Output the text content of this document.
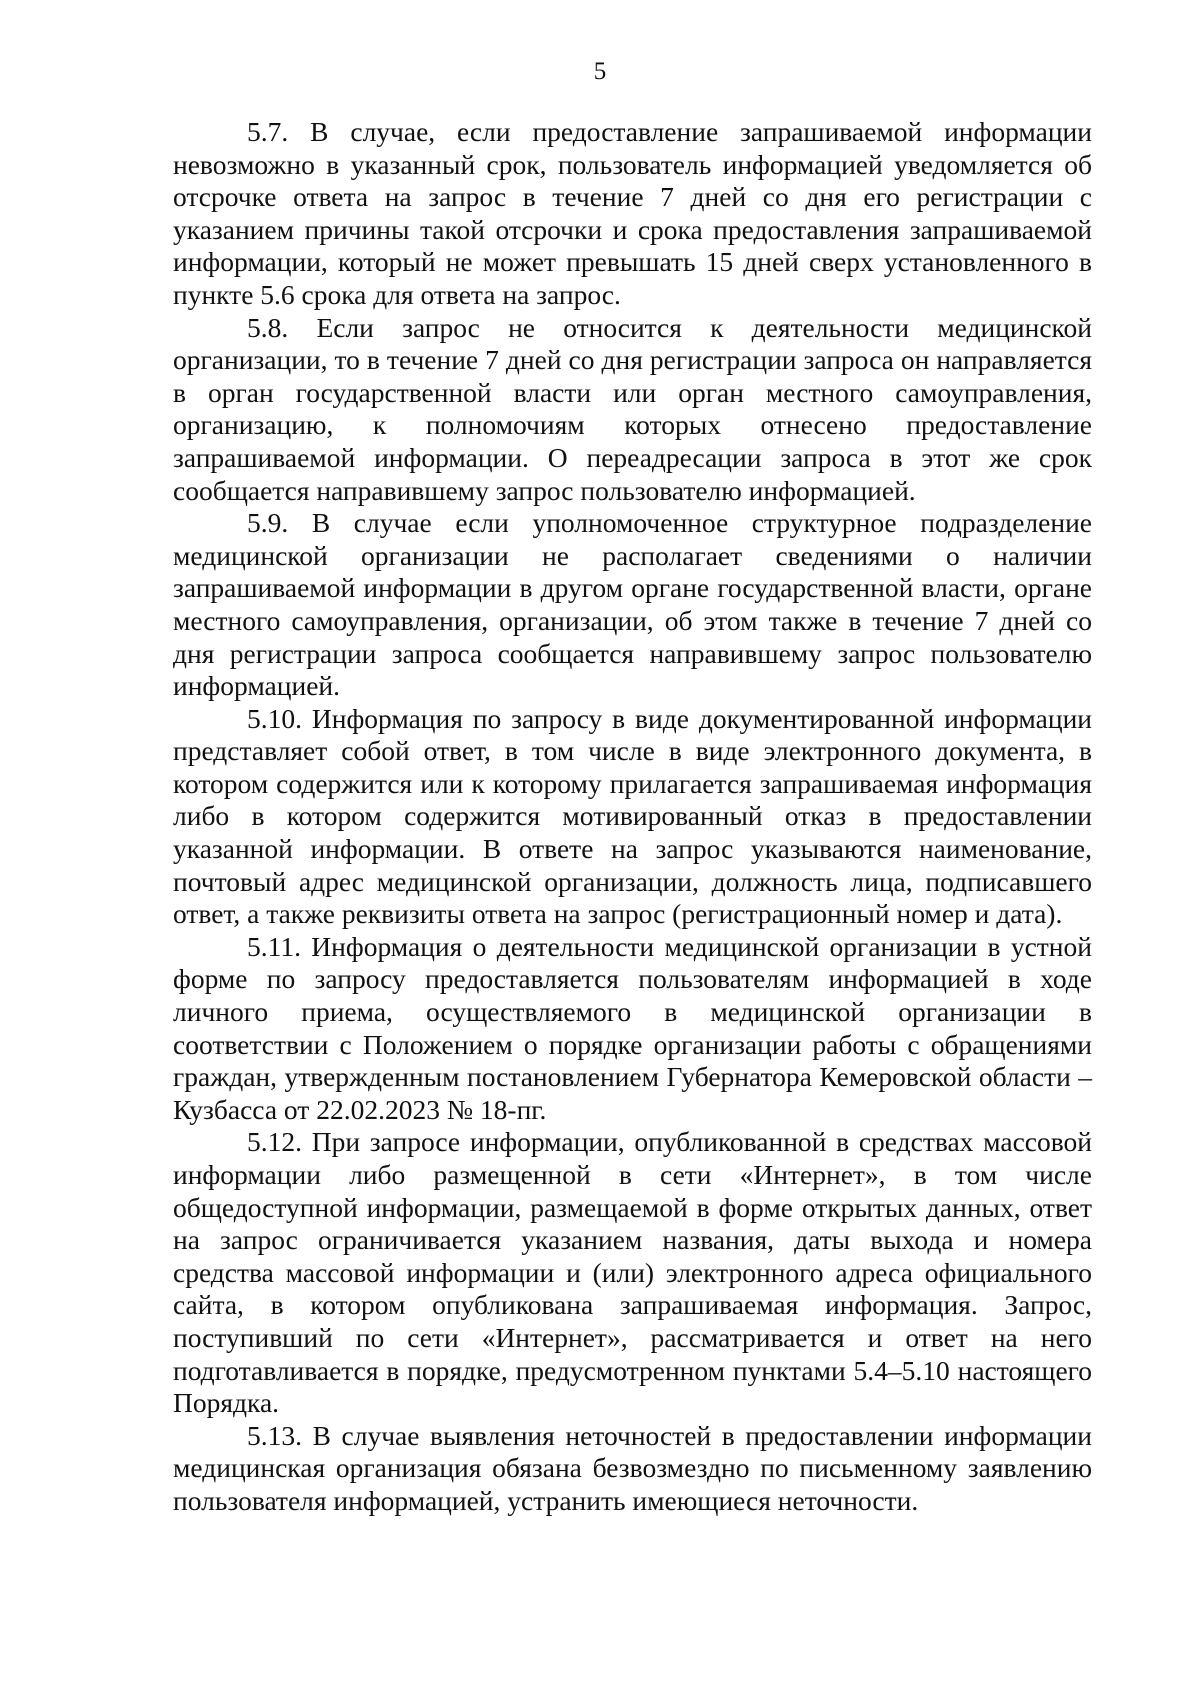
5

5.7. В случае, если предоставление запрашиваемой информации невозможно в указанный срок, пользователь информацией уведомляется об отсрочке ответа на запрос в течение 7 дней со дня его регистрации с указанием причины такой отсрочки и срока предоставления запрашиваемой информации, который не может превышать 15 дней сверх установленного в пункте 5.6 срока для ответа на запрос.

5.8. Если запрос не относится к деятельности медицинской организации, то в течение 7 дней со дня регистрации запроса он направляется в орган государственной власти или орган местного самоуправления, организацию, к полномочиям которых отнесено предоставление запрашиваемой информации. О переадресации запроса в этот же срок сообщается направившему запрос пользователю информацией.

5.9. В случае если уполномоченное структурное подразделение медицинской организации не располагает сведениями о наличии запрашиваемой информации в другом органе государственной власти, органе местного самоуправления, организации, об этом также в течение 7 дней со дня регистрации запроса сообщается направившему запрос пользователю информацией.

5.10. Информация по запросу в виде документированной информации представляет собой ответ, в том числе в виде электронного документа, в котором содержится или к которому прилагается запрашиваемая информация либо в котором содержится мотивированный отказ в предоставлении указанной информации. В ответе на запрос указываются наименование, почтовый адрес медицинской организации, должность лица, подписавшего ответ, а также реквизиты ответа на запрос (регистрационный номер и дата).

5.11. Информация о деятельности медицинской организации в устной форме по запросу предоставляется пользователям информацией в ходе личного приема, осуществляемого в медицинской организации в соответствии с Положением о порядке организации работы с обращениями граждан, утвержденным постановлением Губернатора Кемеровской области – Кузбасса от 22.02.2023 № 18-пг.

5.12. При запросе информации, опубликованной в средствах массовой информации либо размещенной в сети «Интернет», в том числе общедоступной информации, размещаемой в форме открытых данных, ответ на запрос ограничивается указанием названия, даты выхода и номера средства массовой информации и (или) электронного адреса официального сайта, в котором опубликована запрашиваемая информация. Запрос, поступивший по сети «Интернет», рассматривается и ответ на него подготавливается в порядке, предусмотренном пунктами 5.4–5.10 настоящего Порядка.

5.13. В случае выявления неточностей в предоставлении информации медицинская организация обязана безвозмездно по письменному заявлению пользователя информацией, устранить имеющиеся неточности.
